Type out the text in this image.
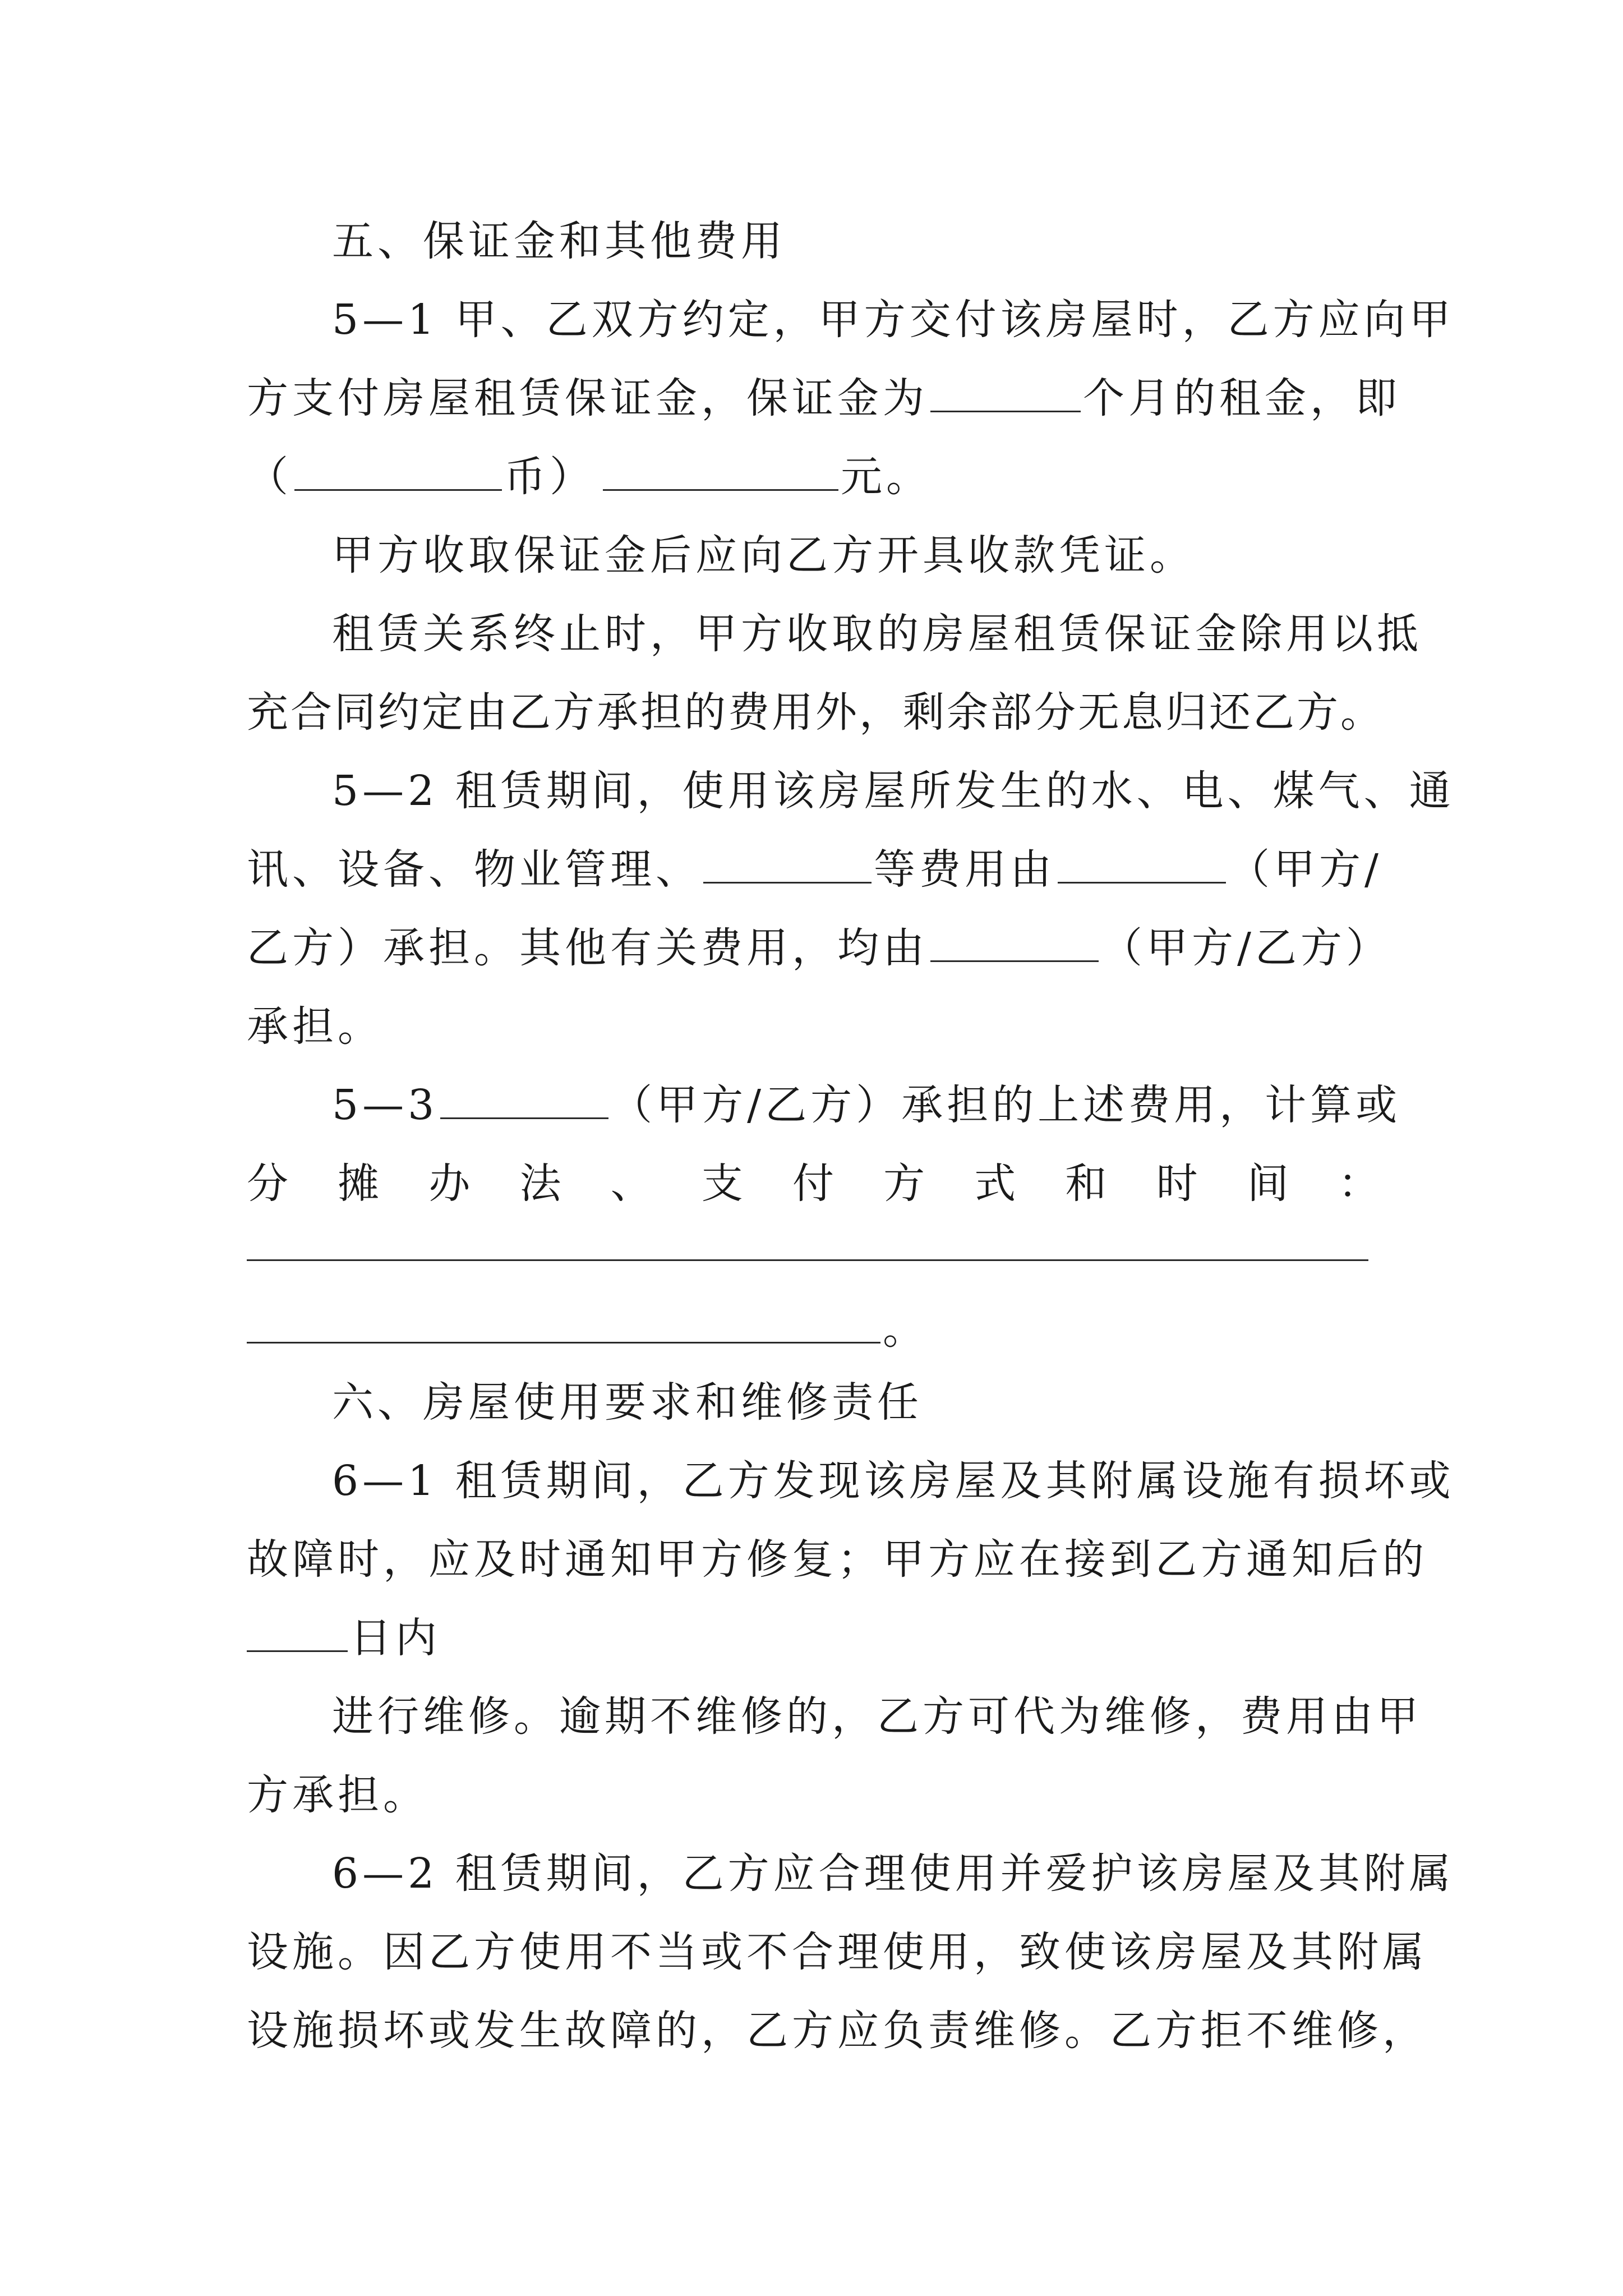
五、保证金和其他费用
5—1 甲、乙双方约定，甲方交付该房屋时，乙方应向甲
方支付房屋租赁保证金，保证金为	个月的租金，即
（	币）	元。
甲方收取保证金后应向乙方开具收款凭证。
租赁关系终止时，甲方收取的房屋租赁保证金除用以抵
充合同约定由乙方承担的费用外，剩余部分无息归还乙方。
5—2 租赁期间，使用该房屋所发生的水、电、煤气、通
讯、设备、物业管理、	等费用由	（甲方/
乙方）承担。其他有关费用，均由	（甲方/乙方）
承担。
5—3	（甲方/乙方）承担的上述费用，计算或
分 摊 办 法 、 支 付 方 式 和 时 间 ：
。
六、房屋使用要求和维修责任
6—1 租赁期间，乙方发现该房屋及其附属设施有损坏或
故障时，应及时通知甲方修复；甲方应在接到乙方通知后的
日内
进行维修。逾期不维修的，乙方可代为维修，费用由甲
方承担。
6—2 租赁期间，乙方应合理使用并爱护该房屋及其附属
设施。因乙方使用不当或不合理使用，致使该房屋及其附属
设施损坏或发生故障的，乙方应负责维修。乙方拒不维修，
